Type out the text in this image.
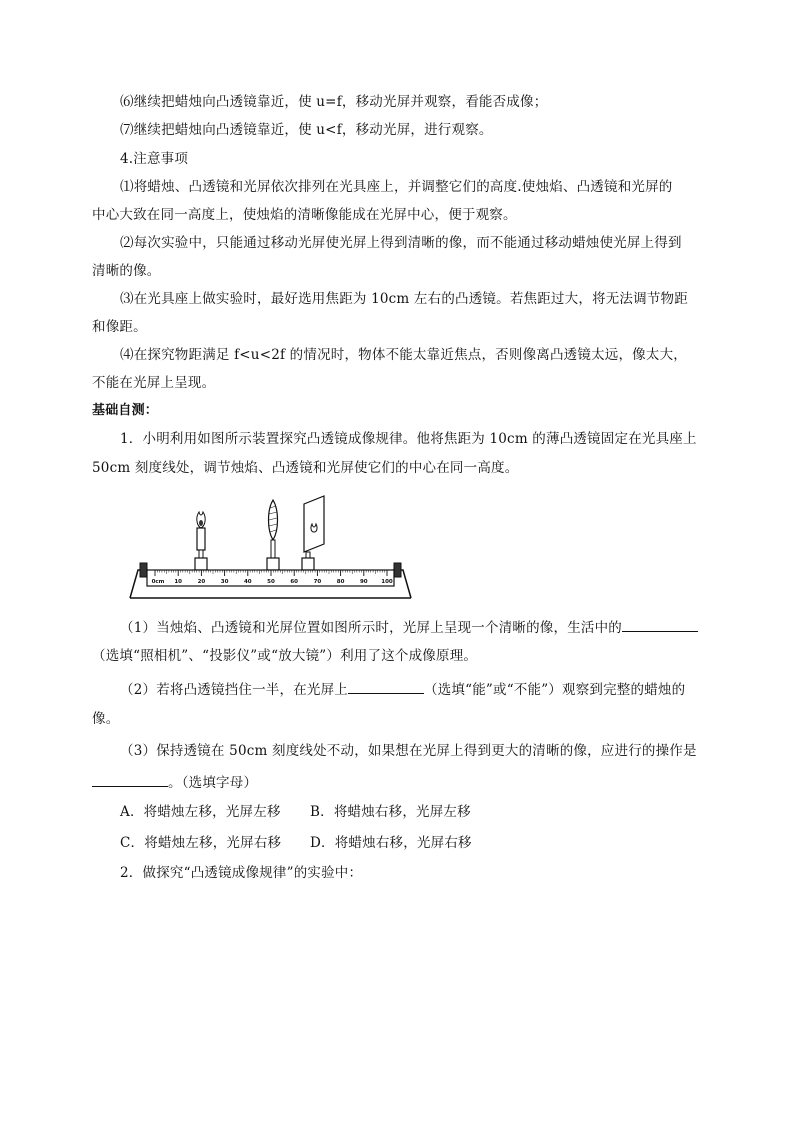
⑹继续把蜡烛向凸透镜靠近，使 u=f，移动光屏并观察，看能否成像；
⑺继续把蜡烛向凸透镜靠近，使 u<f，移动光屏，进行观察。
4.注意事项
⑴将蜡烛、凸透镜和光屏依次排列在光具座上，并调整它们的高度.使烛焰、凸透镜和光屏的
中心大致在同一高度上，使烛焰的清晰像能成在光屏中心，便于观察。
⑵每次实验中，只能通过移动光屏使光屏上得到清晰的像，而不能通过移动蜡烛使光屏上得到
清晰的像。
⑶在光具座上做实验时，最好选用焦距为 10cm 左右的凸透镜。若焦距过大，将无法调节物距
和像距。
⑷在探究物距满足 f<u<2f 的情况时，物体不能太靠近焦点，否则像离凸透镜太远，像太大，
不能在光屏上呈现。
基础自测：
1．小明利用如图所示装置探究凸透镜成像规律。他将焦距为 10cm 的薄凸透镜固定在光具座上
50cm 刻度线处，调节烛焰、凸透镜和光屏使它们的中心在同一高度。
0cm 10	20	30	40	50	60	70	80	90 100
（1）当烛焰、凸透镜和光屏位置如图所示时，光屏上呈现一个清晰的像，生活中的
（选填“照相机”、“投影仪”或“放大镜”）利用了这个成像原理。
（2）若将凸透镜挡住一半，在光屏上	（选填“能”或“不能”）观察到完整的蜡烛的
像。
（3）保持透镜在 50cm 刻度线处不动，如果想在光屏上得到更大的清晰的像，应进行的操作是
。（选填字母）
A．将蜡烛左移，光屏左移 B．将蜡烛右移，光屏左移
C．将蜡烛左移，光屏右移 D．将蜡烛右移，光屏右移
2．做探究“凸透镜成像规律”的实验中：
